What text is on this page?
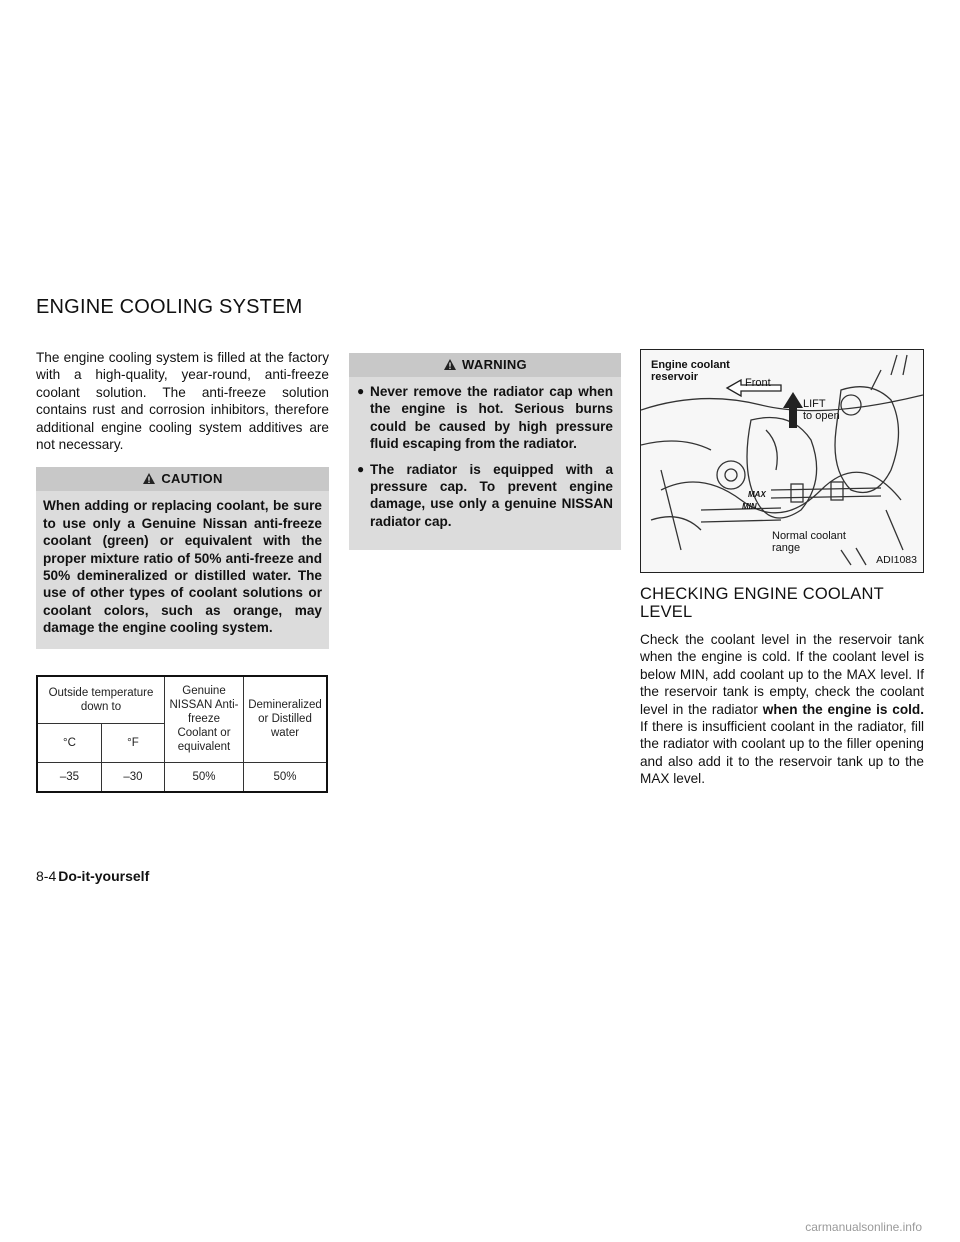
ENGINE COOLING SYSTEM

The engine cooling system is filled at the factory with a high-quality, year-round, anti-freeze coolant solution. The anti-freeze solution contains rust and corrosion inhibitors, therefore additional engine cooling system additives are not necessary.

CAUTION
When adding or replacing coolant, be sure to use only a Genuine Nissan anti-freeze coolant (green) or equivalent with the proper mixture ratio of 50% anti-freeze and 50% demineralized or distilled water. The use of other types of coolant solutions or coolant colors, such as orange, may damage the engine cooling system.
Outside temperature down to		Genuine NISSAN Anti-freeze Coolant or equivalent	Demineralized or Distilled water
°C	°F		
–35	–30	50%	50%
WARNING
● Never remove the radiator cap when the engine is hot. Serious burns could be caused by high pressure fluid escaping from the radiator.
● The radiator is equipped with a pressure cap. To prevent engine damage, use only a genuine NISSAN radiator cap.
Engine coolant
reservoir	Front
LIFT
to open
MAX
MIN
Normal coolant
range
ADI1083
CHECKING ENGINE COOLANT
LEVEL

Check the coolant level in the reservoir tank when the engine is cold. If the coolant level is below MIN, add coolant up to the MAX level. If the reservoir tank is empty, check the coolant level in the radiator when the engine is cold. If there is insufficient coolant in the radiator, fill the radiator with coolant up to the filler opening and also add it to the reservoir tank up to the MAX level.

8-4 Do-it-yourself
carmanualsonline.info
